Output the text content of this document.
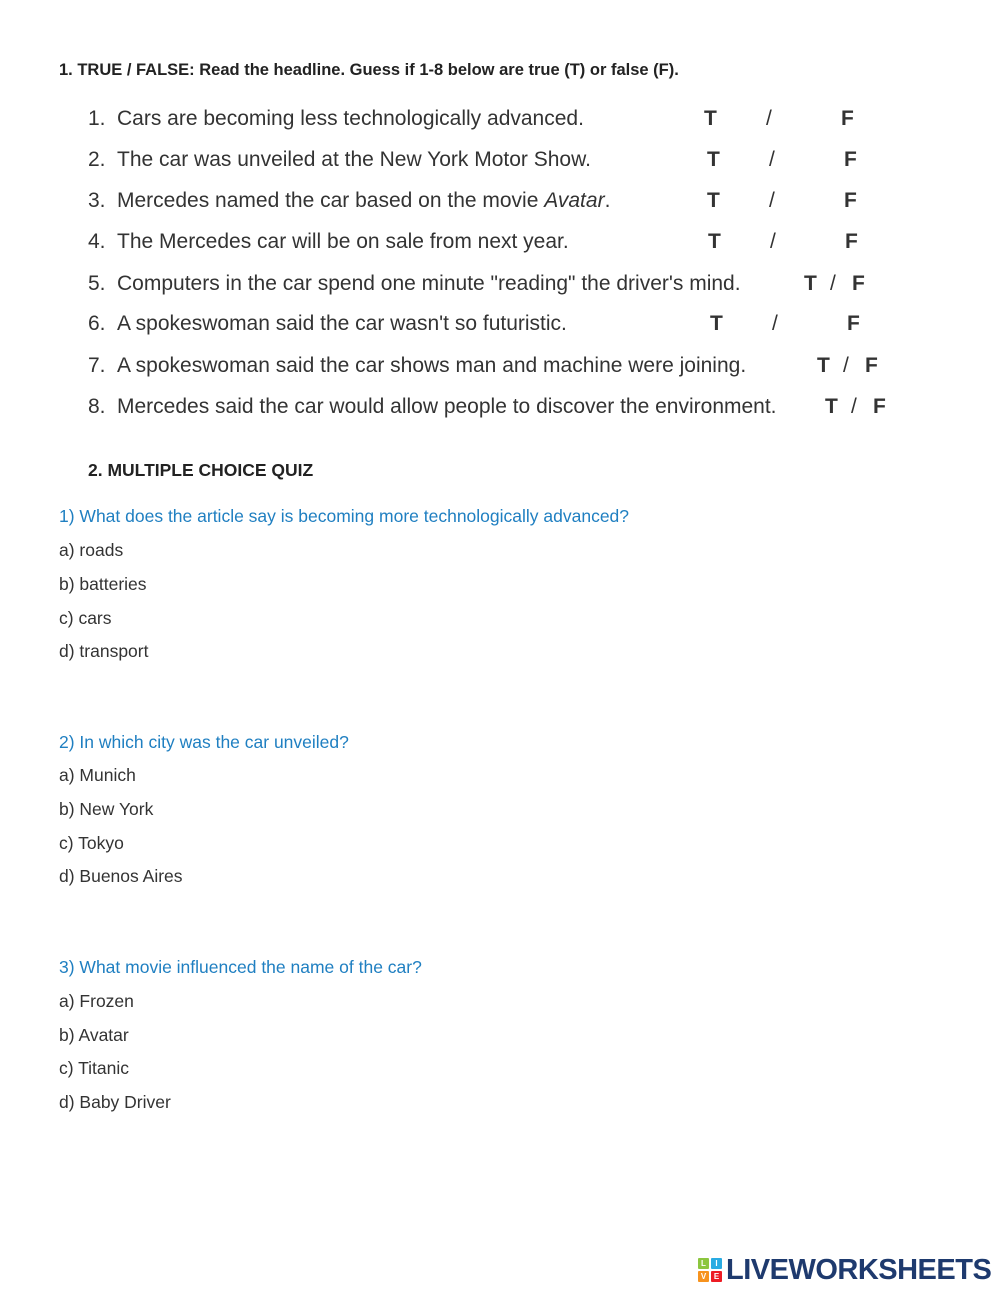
1. TRUE / FALSE: Read the headline. Guess if 1-8 below are true (T) or false (F).
1. Cars are becoming less technologically advanced.	T /	F
2. The car was unveiled at the New York Motor Show.	T /	F
3. Mercedes named the car based on the movie Avatar.	T /	F
4. The Mercedes car will be on sale from next year.	T /	F
5. Computers in the car spend one minute "reading" the driver's mind.	T / F
6. A spokeswoman said the car wasn't so futuristic.	T /	F
7. A spokeswoman said the car shows man and machine were joining.	T / F
8. Mercedes said the car would allow people to discover the environment. T / F
2. MULTIPLE CHOICE QUIZ
1) What does the article say is becoming more technologically advanced?
a) roads
b) batteries
c) cars
d) transport
2) In which city was the car unveiled?
a) Munich
b) New York
c) Tokyo
d) Buenos Aires
3) What movie influenced the name of the car?
a) Frozen
b) Avatar
c) Titanic
d) Baby Driver
L	I
V E LIVEWORKSHEETS
